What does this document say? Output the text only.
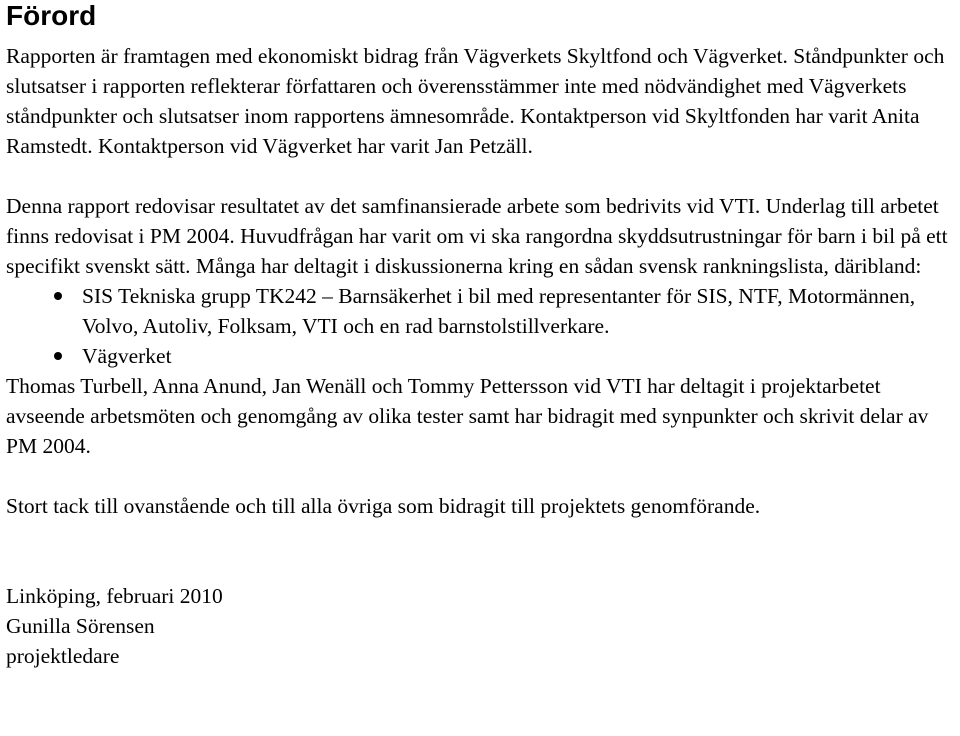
Förord

Rapporten är framtagen med ekonomiskt bidrag från Vägverkets Skyltfond och Vägverket. Ståndpunkter och slutsatser i rapporten reflekterar författaren och överensstämmer inte med nödvändighet med Vägverkets ståndpunkter och slutsatser inom rapportens ämnesområde. Kontaktperson vid Skyltfonden har varit Anita Ramstedt. Kontaktperson vid Vägverket har varit Jan Petzäll.

Denna rapport redovisar resultatet av det samfinansierade arbete som bedrivits vid VTI. Underlag till arbetet finns redovisat i PM 2004. Huvudfrågan har varit om vi ska rangordna skyddsutrustningar för barn i bil på ett specifikt svenskt sätt. Många har deltagit i diskussionerna kring en sådan svensk rankningslista, däribland:

SIS Tekniska grupp TK242 – Barnsäkerhet i bil med representanter för SIS, NTF, Motormännen, Volvo, Autoliv, Folksam, VTI och en rad barnstolstillverkare.
Vägverket

Thomas Turbell, Anna Anund, Jan Wenäll och Tommy Pettersson vid VTI har deltagit i projektarbetet avseende arbetsmöten och genomgång av olika tester samt har bidragit med synpunkter och skrivit delar av PM 2004.

Stort tack till ovanstående och till alla övriga som bidragit till projektets genomförande.

Linköping, februari 2010
Gunilla Sörensen
projektledare
